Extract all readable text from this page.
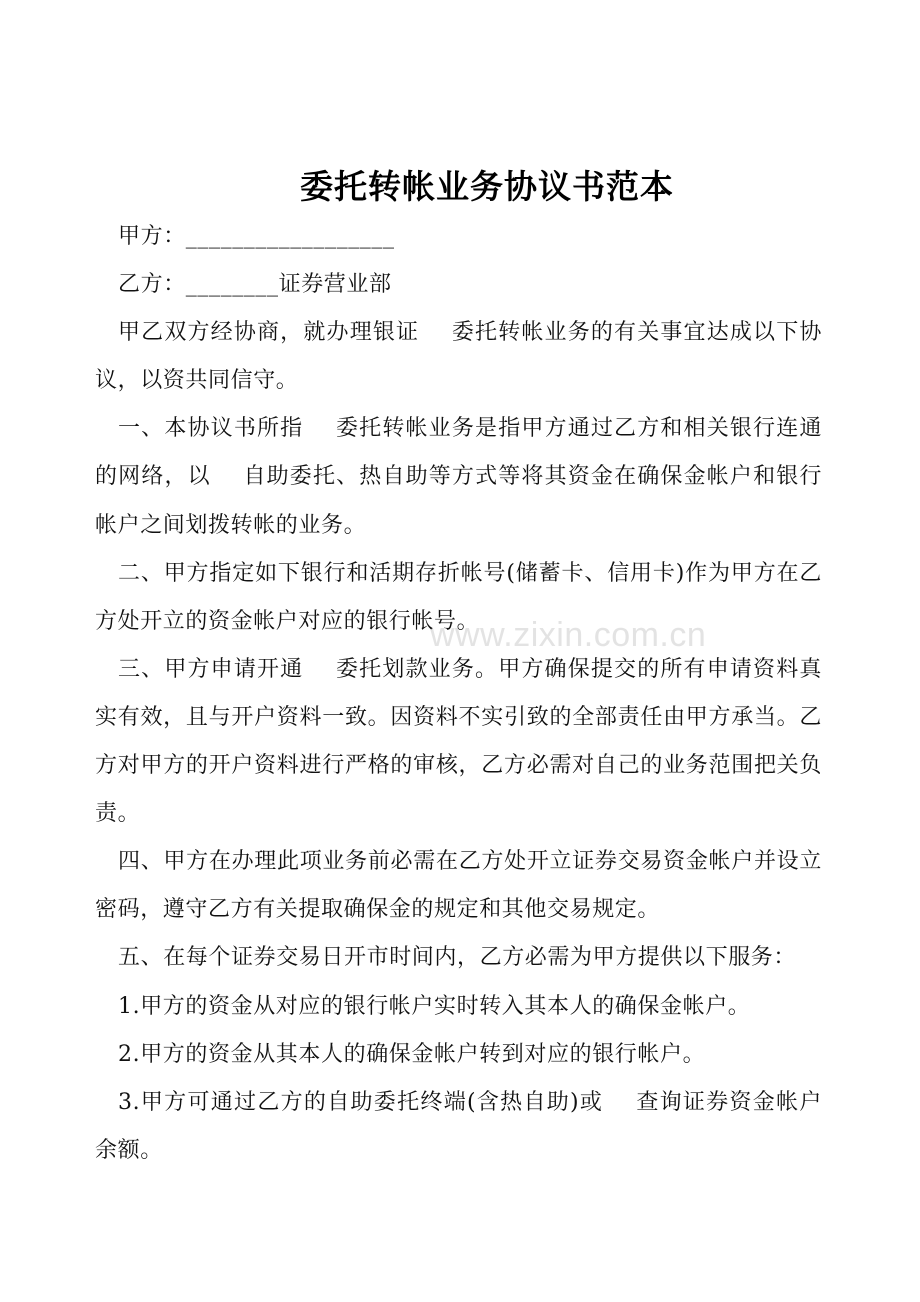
www.zixin.com.cn
委托转帐业务协议书范本
甲方：__________________
乙方：________证券营业部
甲乙双方经协商，就办理银证    委托转帐业务的有关事宜达成以下协
议，以资共同信守。
一、本协议书所指    委托转帐业务是指甲方通过乙方和相关银行连通
的网络，以    自助委托、热自助等方式等将其资金在确保金帐户和银行
帐户之间划拨转帐的业务。
二、甲方指定如下银行和活期存折帐号(储蓄卡、信用卡)作为甲方在乙
方处开立的资金帐户对应的银行帐号。
三、甲方申请开通    委托划款业务。甲方确保提交的所有申请资料真
实有效，且与开户资料一致。因资料不实引致的全部责任由甲方承当。乙
方对甲方的开户资料进行严格的审核，乙方必需对自己的业务范围把关负
责。
四、甲方在办理此项业务前必需在乙方处开立证券交易资金帐户并设立
密码，遵守乙方有关提取确保金的规定和其他交易规定。
五、在每个证券交易日开市时间内，乙方必需为甲方提供以下服务：
1.甲方的资金从对应的银行帐户实时转入其本人的确保金帐户。
2.甲方的资金从其本人的确保金帐户转到对应的银行帐户。
3.甲方可通过乙方的自助委托终端(含热自助)或    查询证券资金帐户
余额。
